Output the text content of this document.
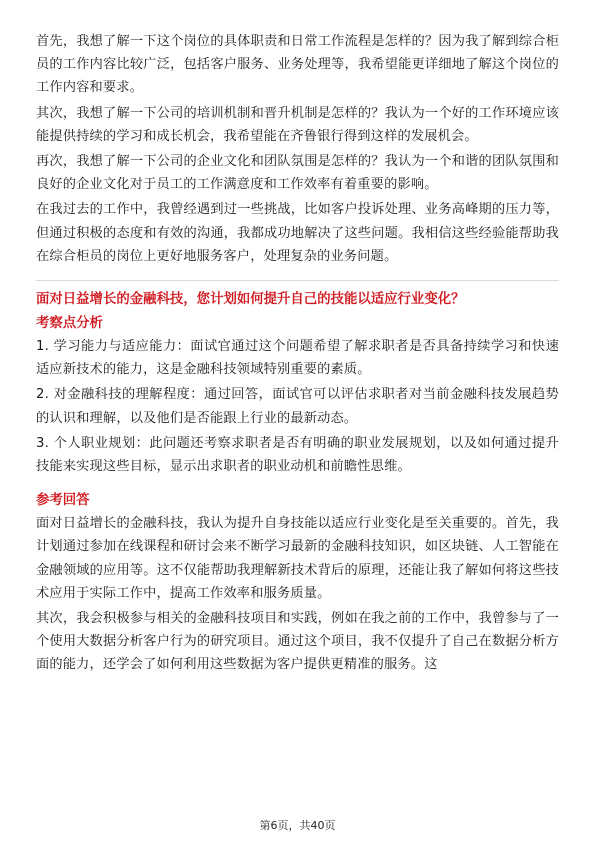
首先，我想了解一下这个岗位的具体职责和日常工作流程是怎样的？因为我了解到综合柜员的工作内容比较广泛，包括客户服务、业务处理等，我希望能更详细地了解这个岗位的工作内容和要求。

其次，我想了解一下公司的培训机制和晋升机制是怎样的？我认为一个好的工作环境应该能提供持续的学习和成长机会，我希望能在齐鲁银行得到这样的发展机会。

再次，我想了解一下公司的企业文化和团队氛围是怎样的？我认为一个和谐的团队氛围和良好的企业文化对于员工的工作满意度和工作效率有着重要的影响。

在我过去的工作中，我曾经遇到过一些挑战，比如客户投诉处理、业务高峰期的压力等，但通过积极的态度和有效的沟通，我都成功地解决了这些问题。我相信这些经验能帮助我在综合柜员的岗位上更好地服务客户，处理复杂的业务问题。

面对日益增长的金融科技，您计划如何提升自己的技能以适应行业变化？

考察点分析

1. 学习能力与适应能力：面试官通过这个问题希望了解求职者是否具备持续学习和快速适应新技术的能力，这是金融科技领域特别重要的素质。

2. 对金融科技的理解程度：通过回答，面试官可以评估求职者对当前金融科技发展趋势的认识和理解，以及他们是否能跟上行业的最新动态。

3. 个人职业规划：此问题还考察求职者是否有明确的职业发展规划，以及如何通过提升技能来实现这些目标，显示出求职者的职业动机和前瞻性思维。

参考回答

面对日益增长的金融科技，我认为提升自身技能以适应行业变化是至关重要的。首先，我计划通过参加在线课程和研讨会来不断学习最新的金融科技知识，如区块链、人工智能在金融领域的应用等。这不仅能帮助我理解新技术背后的原理，还能让我了解如何将这些技术应用于实际工作中，提高工作效率和服务质量。

其次，我会积极参与相关的金融科技项目和实践，例如在我之前的工作中，我曾参与了一个使用大数据分析客户行为的研究项目。通过这个项目，我不仅提升了自己在数据分析方面的能力，还学会了如何利用这些数据为客户提供更精准的服务。这

第6页，共40页
